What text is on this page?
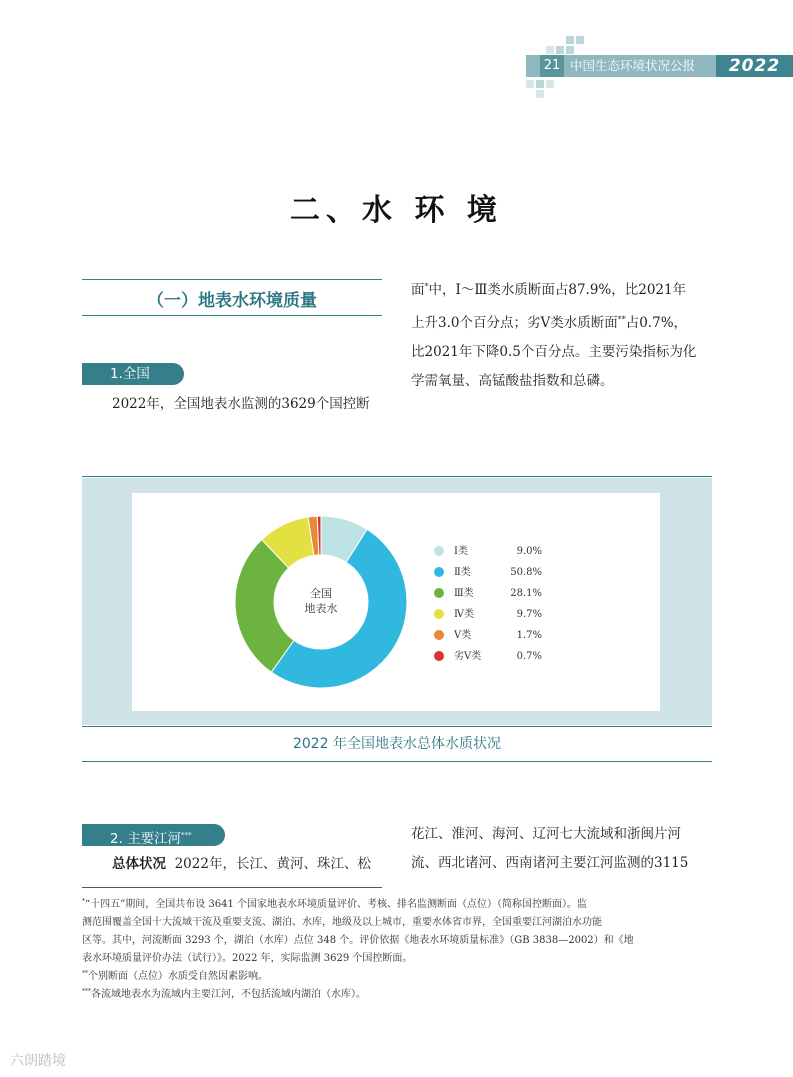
21 中国生态环境状况公报	2022
二、水 环 境
（一）地表水环境质量
1.全国
2022年，全国地表水监测的3629个国控断
面*中，Ⅰ～Ⅲ类水质断面占87.9%，比2021年
上升3.0个百分点；劣Ⅴ类水质断面**占0.7%，
比2021年下降0.5个百分点。主要污染指标为化
学需氧量、高锰酸盐指数和总磷。
全国
地表水
Ⅰ类	9.0%
Ⅱ类	50.8%
Ⅲ类	28.1%
Ⅳ类	9.7%
Ⅴ类	1.7%
劣Ⅴ类	0.7%
2022 年全国地表水总体水质状况
2. 主要江河***
总体状况 2022年，长江、黄河、珠江、松
花江、淮河、海河、辽河七大流域和浙闽片河
流、西北诸河、西南诸河主要江河监测的3115
*“十四五”期间，全国共布设 3641 个国家地表水环境质量评价、考核、排名监测断面（点位）（简称国控断面）。监
测范围覆盖全国十大流域干流及重要支流、湖泊、水库，地级及以上城市，重要水体省市界，全国重要江河湖泊水功能
区等。其中，河流断面 3293 个，湖泊（水库）点位 348 个。评价依据《地表水环境质量标准》（GB 3838—2002）和《地
表水环境质量评价办法（试行）》。2022 年，实际监测 3629 个国控断面。
**个别断面（点位）水质受自然因素影响。
***各流域地表水为流域内主要江河，不包括流域内湖泊（水库）。
六朗踏境
